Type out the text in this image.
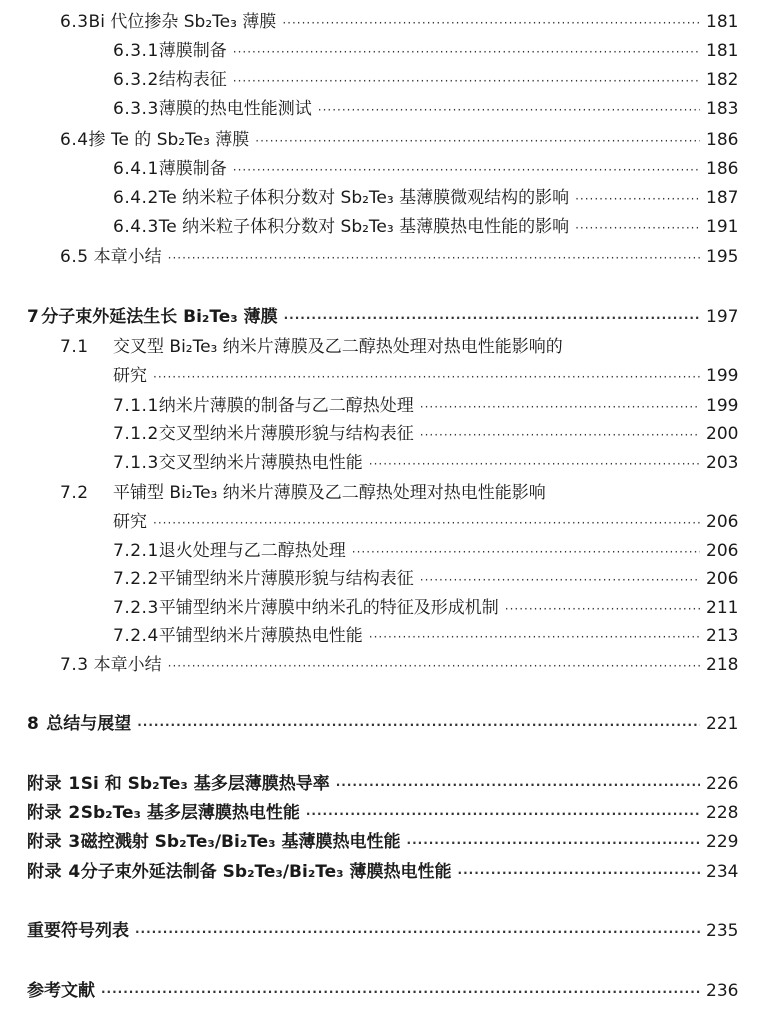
6.3 Bi 代位掺杂 Sb₂Te₃ 薄膜 ·····	181
6.3.1 薄膜制备 ·····	181
6.3.2 结构表征 ·····	182
6.3.3 薄膜的热电性能测试 ·····	183
6.4 掺 Te 的 Sb₂Te₃ 薄膜 ·····	186
6.4.1 薄膜制备 ·····	186
6.4.2 Te 纳米粒子体积分数对 Sb₂Te₃ 基薄膜微观结构的影响 ·····	187
6.4.3 Te 纳米粒子体积分数对 Sb₂Te₃ 基薄膜热电性能的影响 ·····	191
6.5 本章小结 ·····	195
7 分子束外延法生长 Bi₂Te₃ 薄膜 ·····	197
7.1	交叉型 Bi₂Te₃ 纳米片薄膜及乙二醇热处理对热电性能影响的
研究 ·····	199
7.1.1 纳米片薄膜的制备与乙二醇热处理 ·····	199
7.1.2 交叉型纳米片薄膜形貌与结构表征 ·····	200
7.1.3 交叉型纳米片薄膜热电性能 ·····	203
7.2	平铺型 Bi₂Te₃ 纳米片薄膜及乙二醇热处理对热电性能影响
研究 ·····	206
7.2.1 退火处理与乙二醇热处理 ·····	206
7.2.2 平铺型纳米片薄膜形貌与结构表征 ·····	206
7.2.3 平铺型纳米片薄膜中纳米孔的特征及形成机制 ·····	211
7.2.4 平铺型纳米片薄膜热电性能 ·····	213
7.3 本章小结 ·····	218
8 总结与展望 ·····	221
附录 1 Si 和 Sb₂Te₃ 基多层薄膜热导率 ·····	226
附录 2 Sb₂Te₃ 基多层薄膜热电性能 ·····	228
附录 3 磁控溅射 Sb₂Te₃/Bi₂Te₃ 基薄膜热电性能 ·····	229
附录 4 分子束外延法制备 Sb₂Te₃/Bi₂Te₃ 薄膜热电性能 ·····	234
重要符号列表 ·····	235
参考文献 ·····	236
